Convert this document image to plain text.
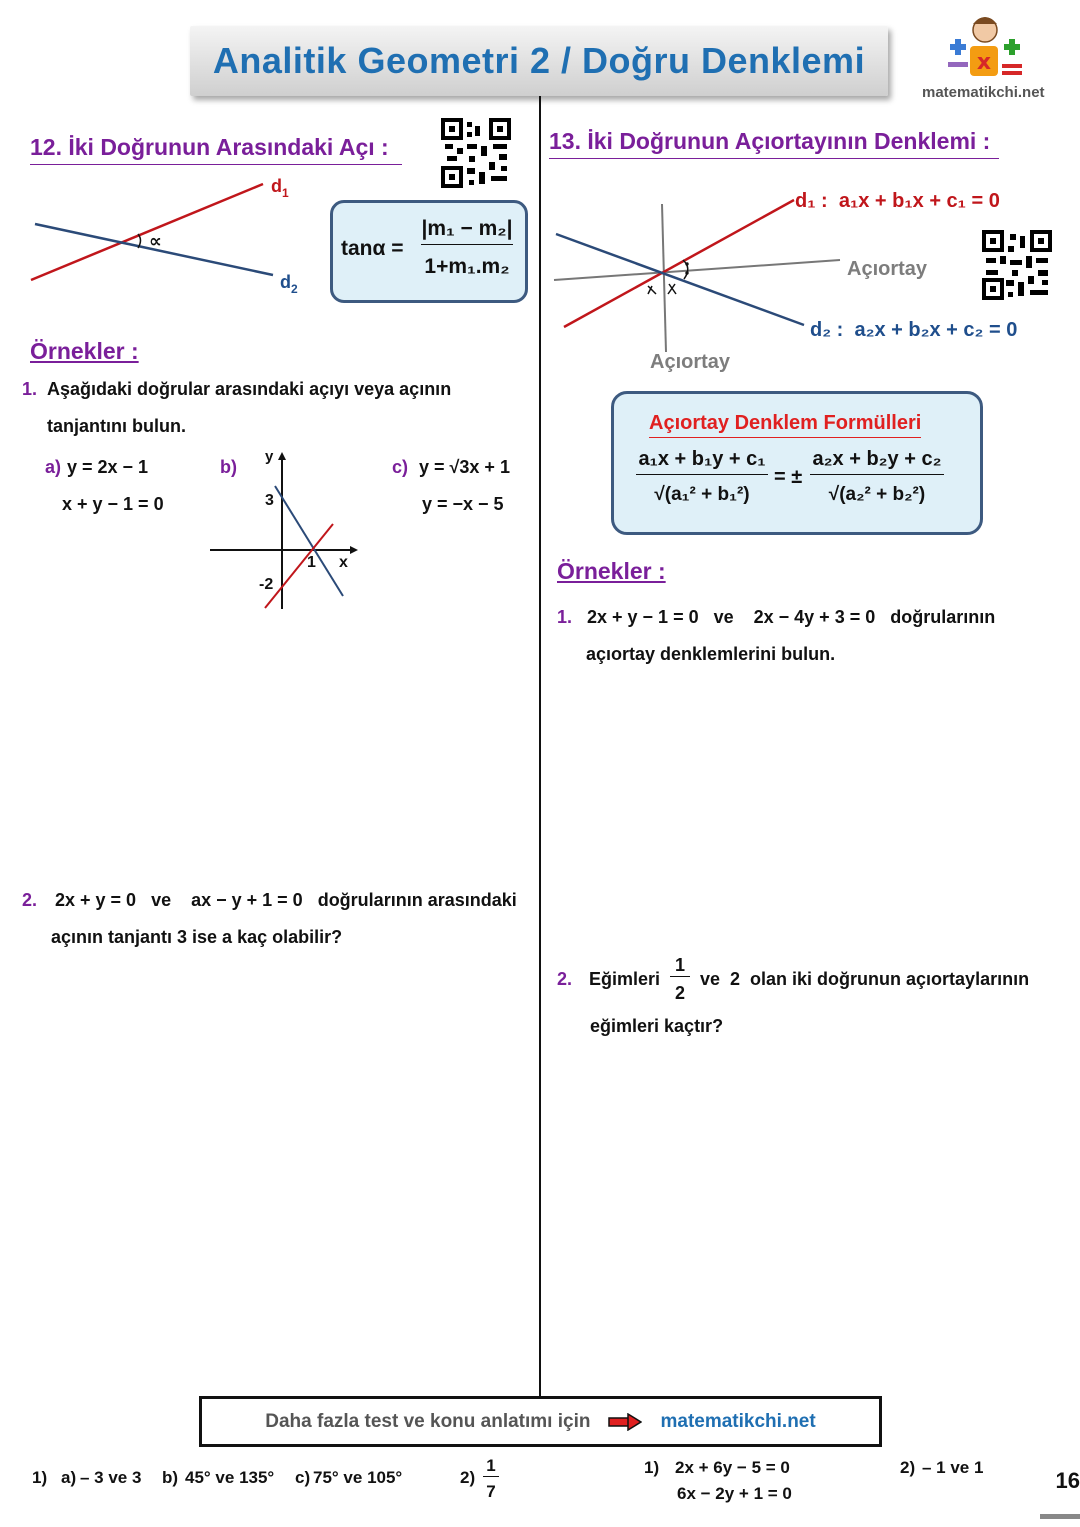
Analitik Geometri 2 / Doğru Denklemi	x
matematikchi.net
12. İki Doğrunun Arasındaki Açı :
∝
$d_1$
$d_2$
tanα =
|m₁ − m₂|
1+m₁.m₂
Örnekler :
1. Aşağıdaki doğrular arasındaki açıyı veya açının
tanjantını bulun.
a) y = 2x − 1
x + y − 1 = 0
b)
y
x
3
-2
1
c) y = √3x + 1
y = −x − 5
2. 2x + y = 0   ve    ax − y + 1 = 0   doğrularının arasındaki
açının tanjantı 3 ise a kaç olabilir?
13. İki Doğrunun Açıortayının Denklemi :
d₁ : a₁x + b₁x + c₁ = 0
Açıortay
d₂ : a₂x + b₂x + c₂ = 0
Açıortay
Açıortay Denklem Formülleri
a₁x + b₁y + c₁
√(a₁² + b₁²)
= ±
a₂x + b₂y + c₂
√(a₂² + b₂²)
Örnekler :
1. 2x + y − 1 = 0   ve    2x − 4y + 3 = 0   doğrularının
açıortay denklemlerini bulun.
2. Eğimleri
1
2
ve  2  olan iki doğrunun açıortaylarının
eğimleri kaçtır?
Daha fazla test ve konu anlatımı için	matematikchi.net
1) a) – 3 ve 3 b) 45° ve 135° c) 75° ve 105°	2)
1
7
1) 2x + 6y − 5 = 0
6x − 2y + 1 = 0
2) – 1 ve 1
16
